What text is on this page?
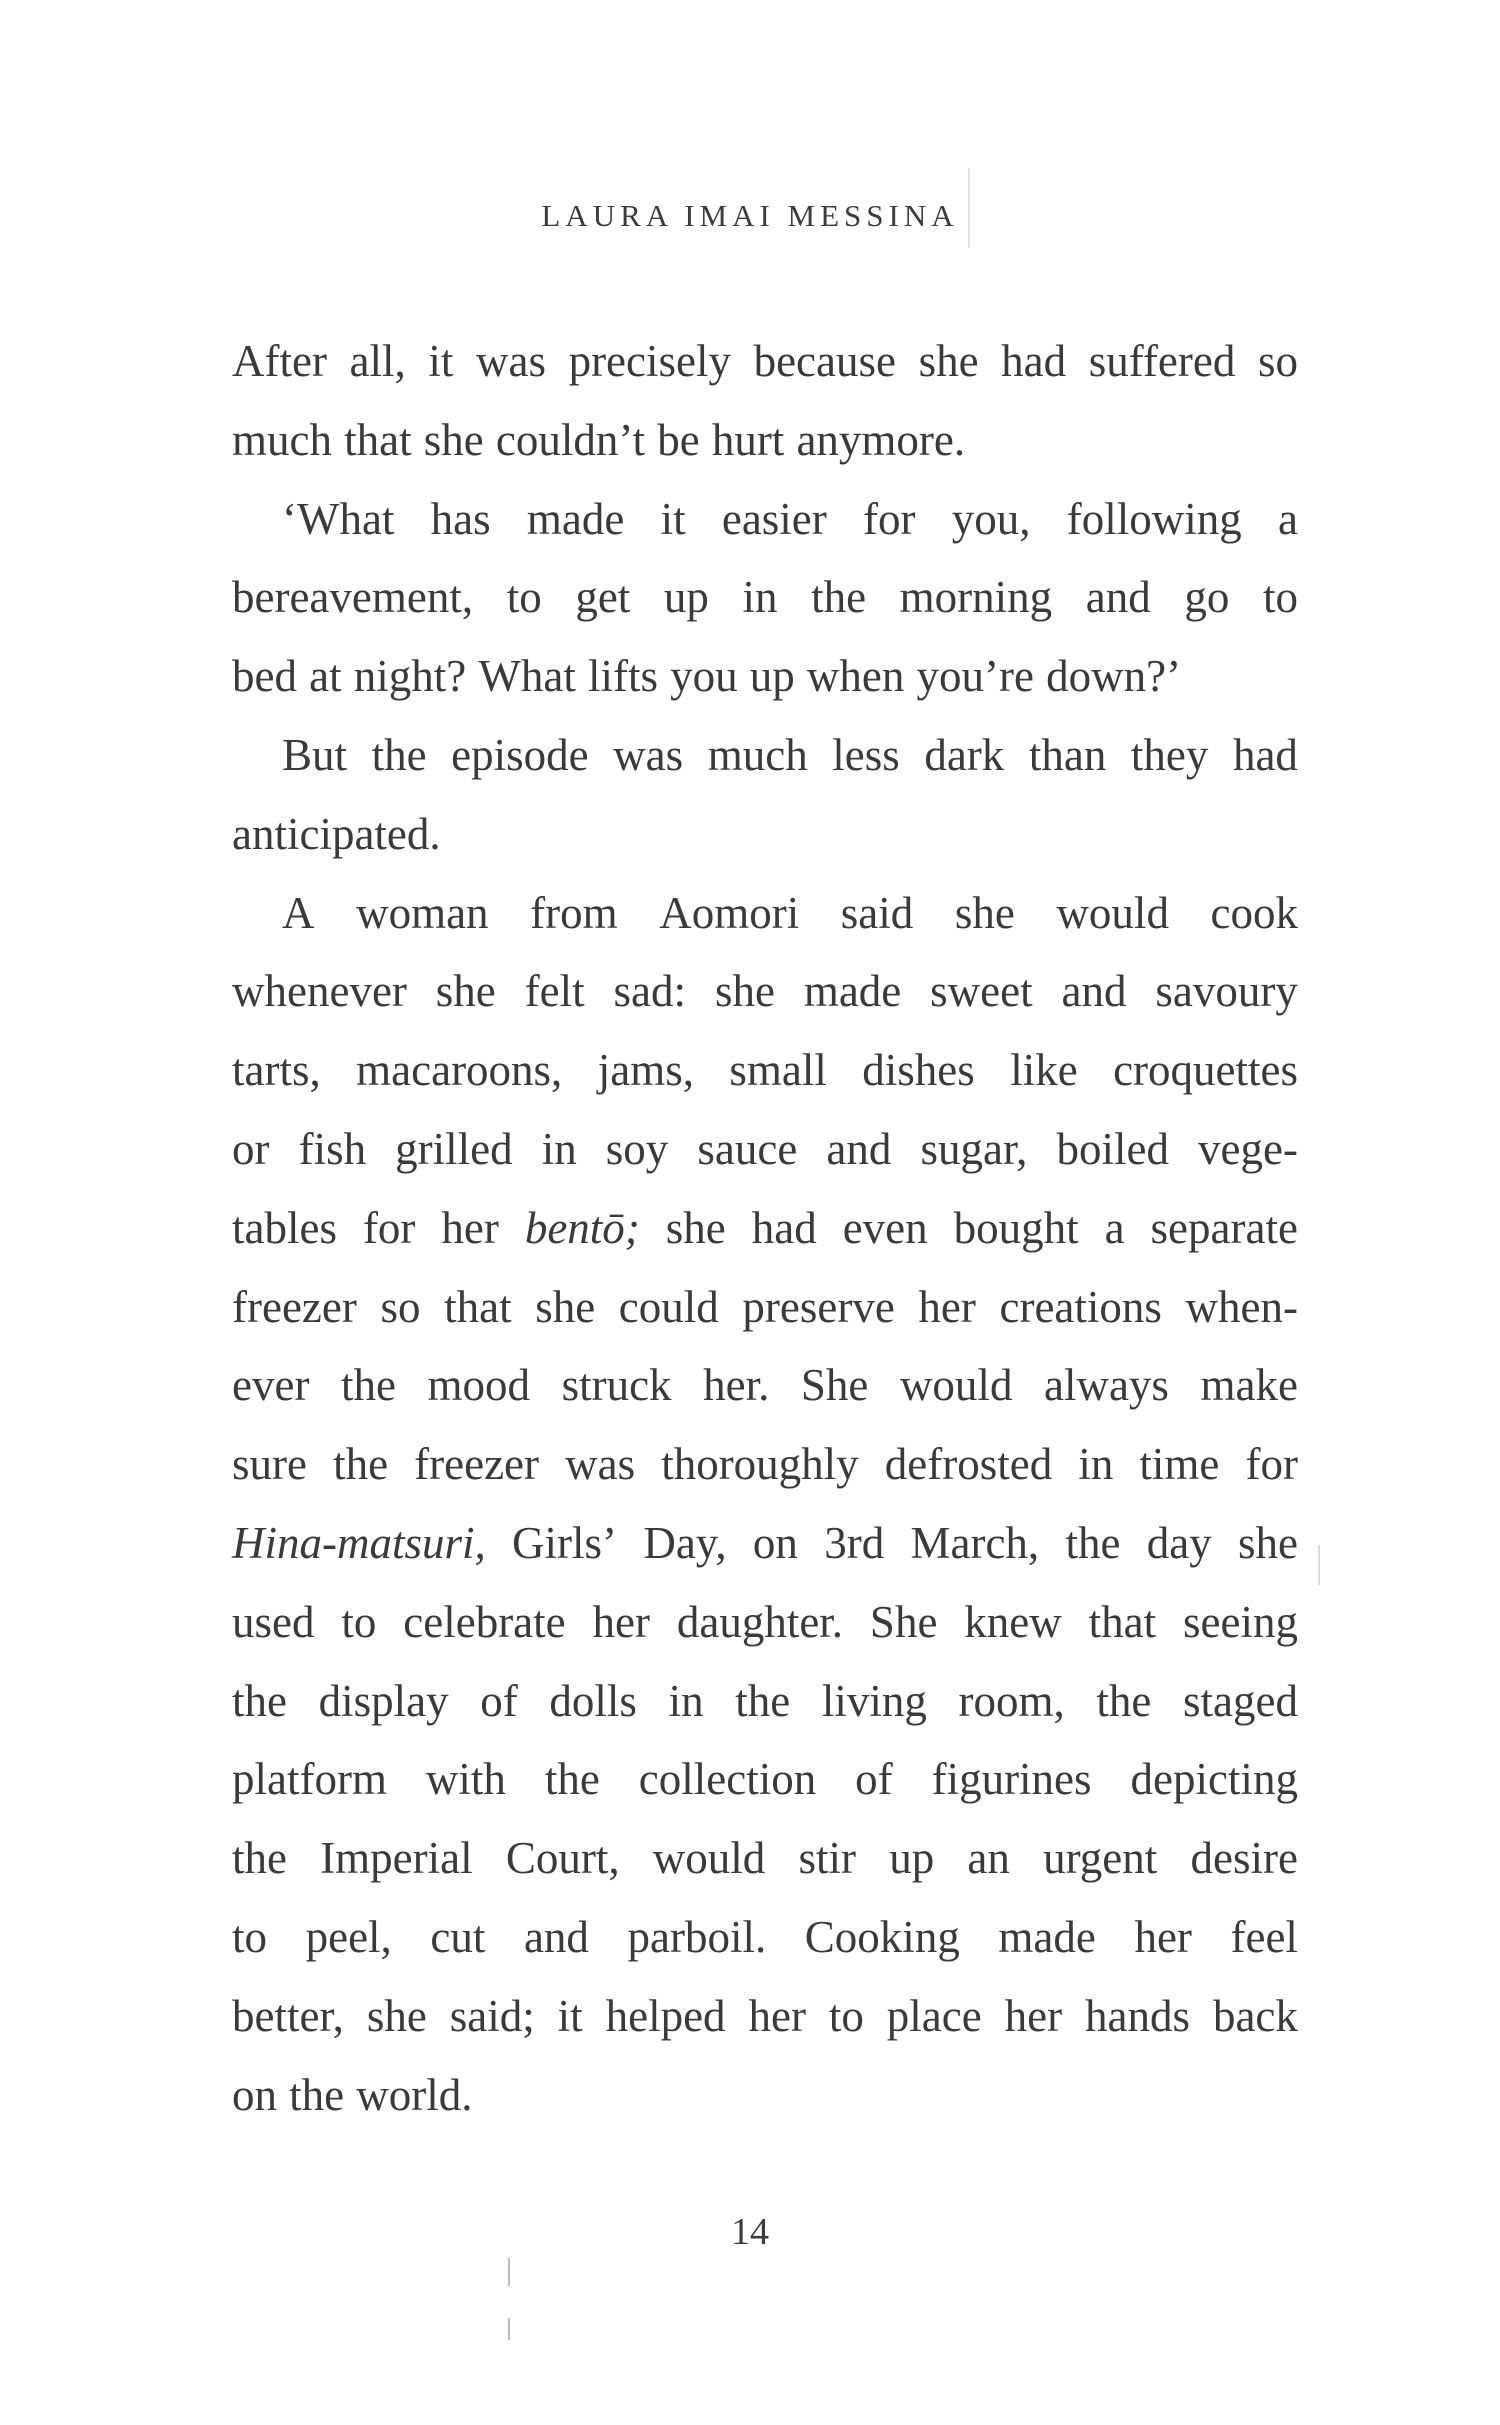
LAURA IMAI MESSINA
After all, it was precisely because she had suffered so
much that she couldn’t be hurt anymore.
‘What has made it easier for you, following a
bereavement, to get up in the morning and go to
bed at night? What lifts you up when you’re down?’
But the episode was much less dark than they had
anticipated.
A woman from Aomori said she would cook
whenever she felt sad: she made sweet and savoury
tarts, macaroons, jams, small dishes like croquettes
or fish grilled in soy sauce and sugar, boiled vege-
tables for her bentō; she had even bought a separate
freezer so that she could preserve her creations when-
ever the mood struck her. She would always make
sure the freezer was thoroughly defrosted in time for
Hina-matsuri, Girls’ Day, on 3rd March, the day she
used to celebrate her daughter. She knew that seeing
the display of dolls in the living room, the staged
platform with the collection of figurines depicting
the Imperial Court, would stir up an urgent desire
to peel, cut and parboil. Cooking made her feel
better, she said; it helped her to place her hands back
on the world.
14
